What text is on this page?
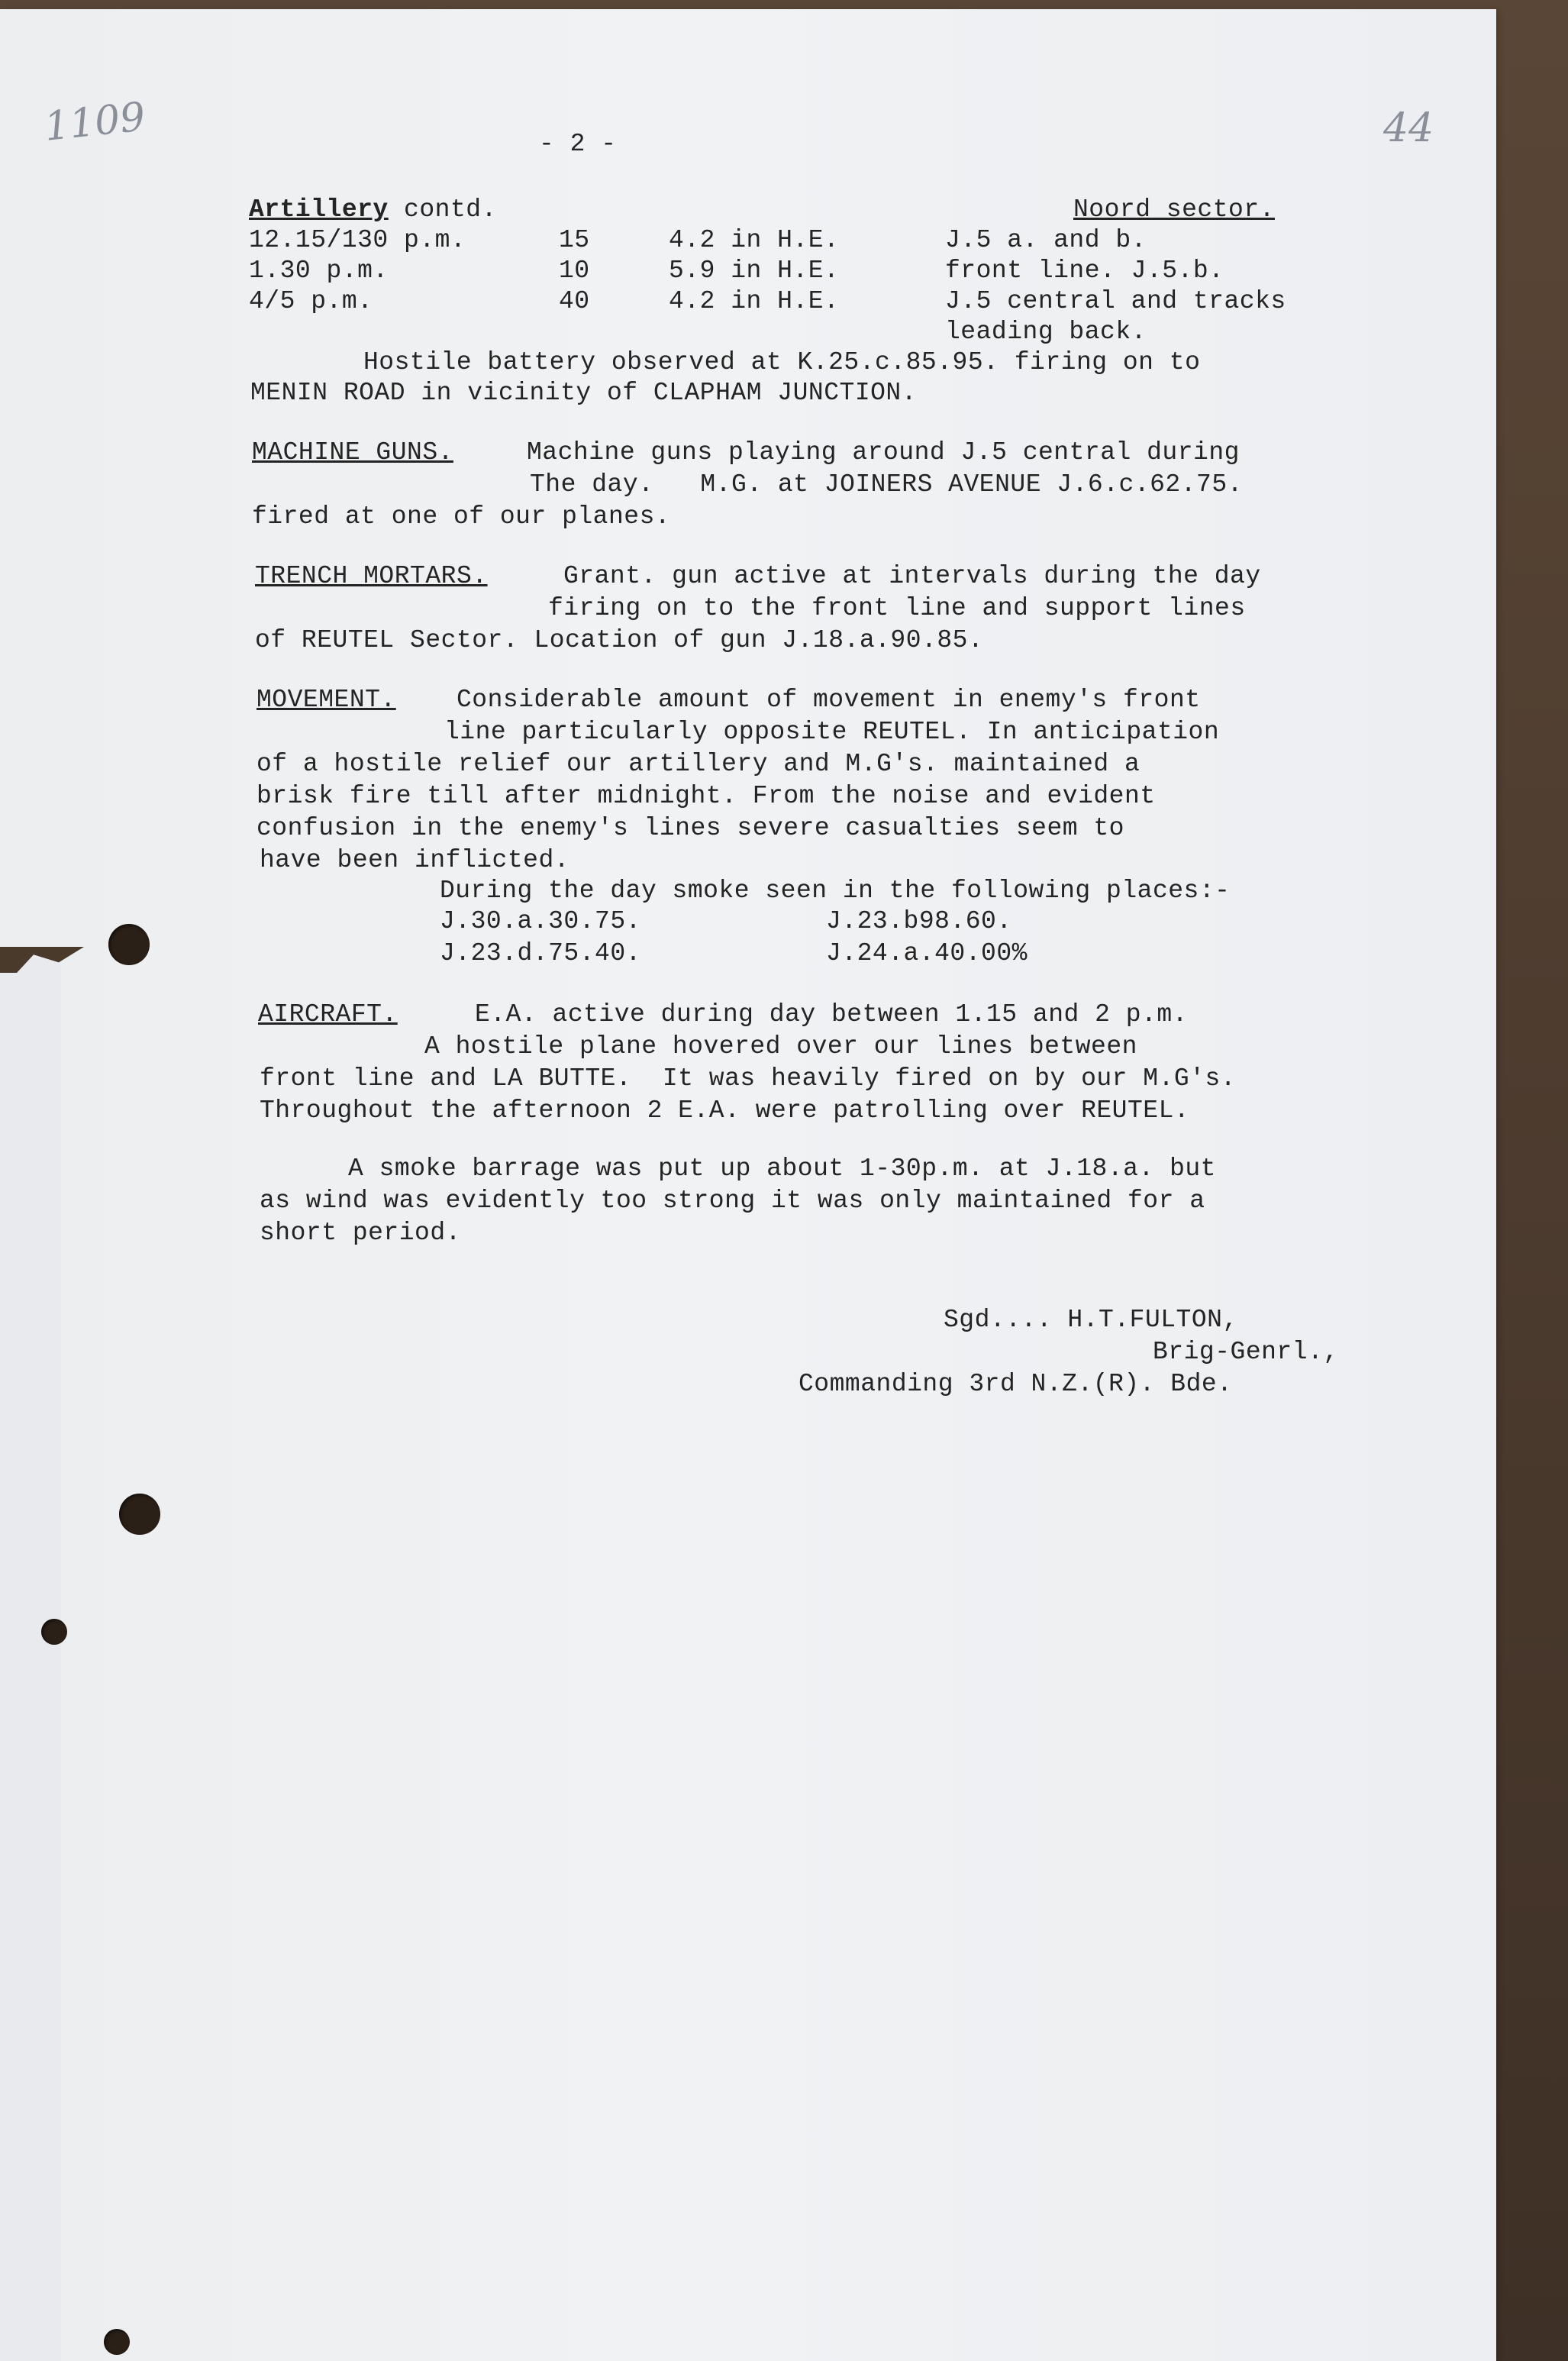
1109	44
- 2 -
Artillery contd.	Noord sector.
12.15/130 p.m.	15	4.2 in H.E.	J.5 a. and b.
1.30 p.m.	10	5.9 in H.E.	front line. J.5.b.
4/5 p.m.	40	4.2 in H.E.	J.5 central and tracks
leading back.
Hostile battery observed at K.25.c.85.95. firing on to
MENIN ROAD in vicinity of CLAPHAM JUNCTION.
MACHINE GUNS.	Machine guns playing around J.5 central during
The day.   M.G. at JOINERS AVENUE J.6.c.62.75.
fired at one of our planes.
TRENCH MORTARS.	Grant. gun active at intervals during the day
firing on to the front line and support lines
of REUTEL Sector. Location of gun J.18.a.90.85.
MOVEMENT. Considerable amount of movement in enemy's front
line particularly opposite REUTEL. In anticipation
of a hostile relief our artillery and M.G's. maintained a
brisk fire till after midnight. From the noise and evident
confusion in the enemy's lines severe casualties seem to
have been inflicted.
During the day smoke seen in the following places:-
J.30.a.30.75.	J.23.b98.60.
J.23.d.75.40.	J.24.a.40.00%
AIRCRAFT.	E.A. active during day between 1.15 and 2 p.m.
A hostile plane hovered over our lines between
front line and LA BUTTE.  It was heavily fired on by our M.G's.
Throughout the afternoon 2 E.A. were patrolling over REUTEL.
A smoke barrage was put up about 1-30p.m. at J.18.a. but
as wind was evidently too strong it was only maintained for a
short period.
Sgd.... H.T.FULTON,
Brig-Genrl.,
Commanding 3rd N.Z.(R). Bde.
